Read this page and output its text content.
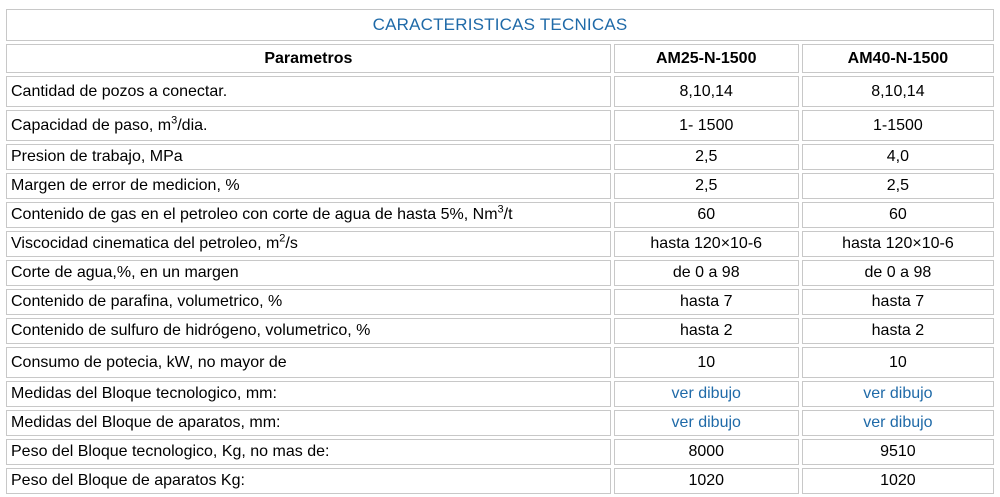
CARACTERISTICAS TECNICAS		
Parametros	AM25-N-1500	AM40-N-1500
Cantidad de pozos a conectar.	8,10,14	8,10,14
Capacidad de paso, $m^3$/dia.	1- 1500	1-1500
Presion de trabajo, MPa	2,5	4,0
Margen de error de medicion, %	2,5	2,5
Contenido de gas en el petroleo con corte de agua de hasta 5%, Nm$^3$/t	60	60
Viscocidad cinematica del petroleo, $m^2/s$	hasta 120×10-6	hasta 120×10-6
Corte de agua,%, en un margen	de 0 a 98	de 0 a 98
Contenido de parafina, volumetrico, %	hasta 7	hasta 7
Contenido de sulfuro de hidrógeno, volumetrico, %	hasta 2	hasta 2
Consumo de potecia, kW, no mayor de	10	10
Medidas del Bloque tecnologico, mm:	ver dibujo	ver dibujo
Medidas del Bloque de aparatos, mm:	ver dibujo	ver dibujo
Peso del Bloque tecnologico, Kg, no mas de:	8000	9510
Peso del Bloque de aparatos Kg:	1020	1020
